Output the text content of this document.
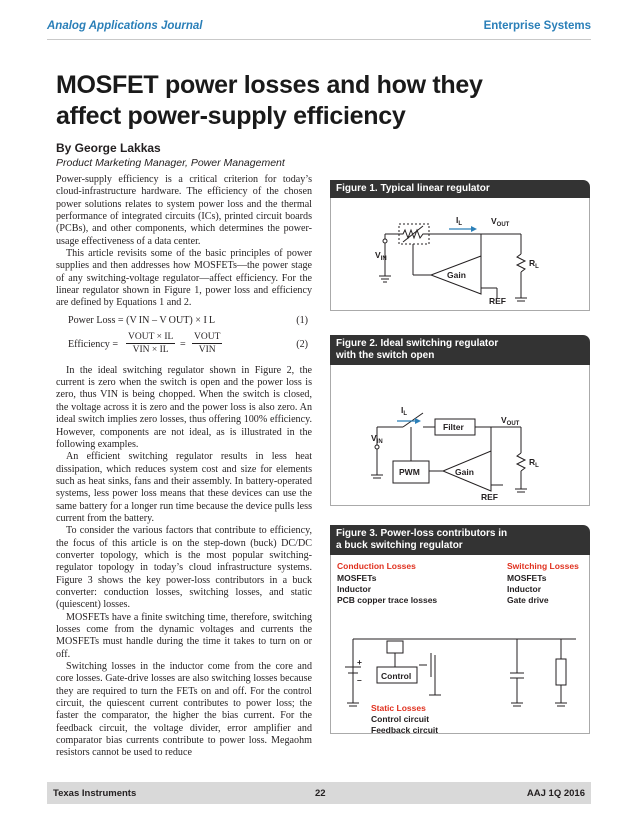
Analog Applications Journal	Enterprise Systems
MOSFET power losses and how they affect power-supply efficiency
By George Lakkas
Product Marketing Manager, Power Management

Power-supply efficiency is a critical criterion for today’s cloud-infrastructure hardware. The efficiency of the chosen power solutions relates to system power loss and the thermal performance of integrated circuits (ICs), printed circuit boards (PCBs), and other components, which determines the power-usage effectiveness of a data center.

This article revisits some of the basic principles of power supplies and then addresses how MOSFETs—the power stage of any switching-voltage regulator—affect efficiency. For the linear regulator shown in Figure 1, power loss and efficiency are defined by Equations 1 and 2.

Power Loss = (V IN – V OUT) × I L	(1)
Efficiency =
VOUT × IL
VIN × IL	=
VOUT
VIN	(2)

In the ideal switching regulator shown in Figure 2, the current is zero when the switch is open and the power loss is zero, thus VIN is being chopped. When the switch is closed, the voltage across it is zero and the power loss is also zero. An ideal switch implies zero losses, thus offering 100% efficiency. However, components are not ideal, as is illustrated in the following examples.

An efficient switching regulator results in less heat dissipation, which reduces system cost and size for elements such as heat sinks, fans and their assembly. In battery-operated systems, less power loss means that these devices can use the same battery for a longer run time because the device pulls less current from the battery.

To consider the various factors that contribute to efficiency, the focus of this article is on the step-down (buck) DC/DC converter topology, which is the most popular switching-regulator topology in today’s cloud infrastructure systems. Figure 3 shows the key power-loss contributors in a buck converter: conduction losses, switching losses, and static (quiescent) losses.

MOSFETs have a finite switching time, therefore, switching losses come from the dynamic voltages and currents the MOSFETs must handle during the time it takes to turn on or off.

Switching losses in the inductor come from the core and core losses. Gate-drive losses are also switching losses because they are required to turn the FETs on and off. For the control circuit, the quiescent current contributes to power loss; the faster the comparator, the higher the bias current. For the feedback circuit, the voltage divider, error amplifier and comparator bias currents contribute to power loss. Megaohm resistors cannot be used to reduce

Figure 1. Typical linear regulator
$I_L$	$V_{OUT}$
$V_{IN}$	$R_L$
Gain
REF
Figure 2. Ideal switching regulator
with the switch open
$I_L$
$V_{OUT}$
$V_{IN}$
$R_L$
Filter
PWM	Gain
REF
Figure 3. Power-loss contributors in
a buck switching regulator
Conduction Losses
MOSFETs
Inductor
PCB copper trace losses
Switching Losses
MOSFETs
Inductor
Gate drive
Control
+
–
Static Losses
Control circuit
Feedback circuit
Texas Instruments	22	AAJ 1Q 2016
